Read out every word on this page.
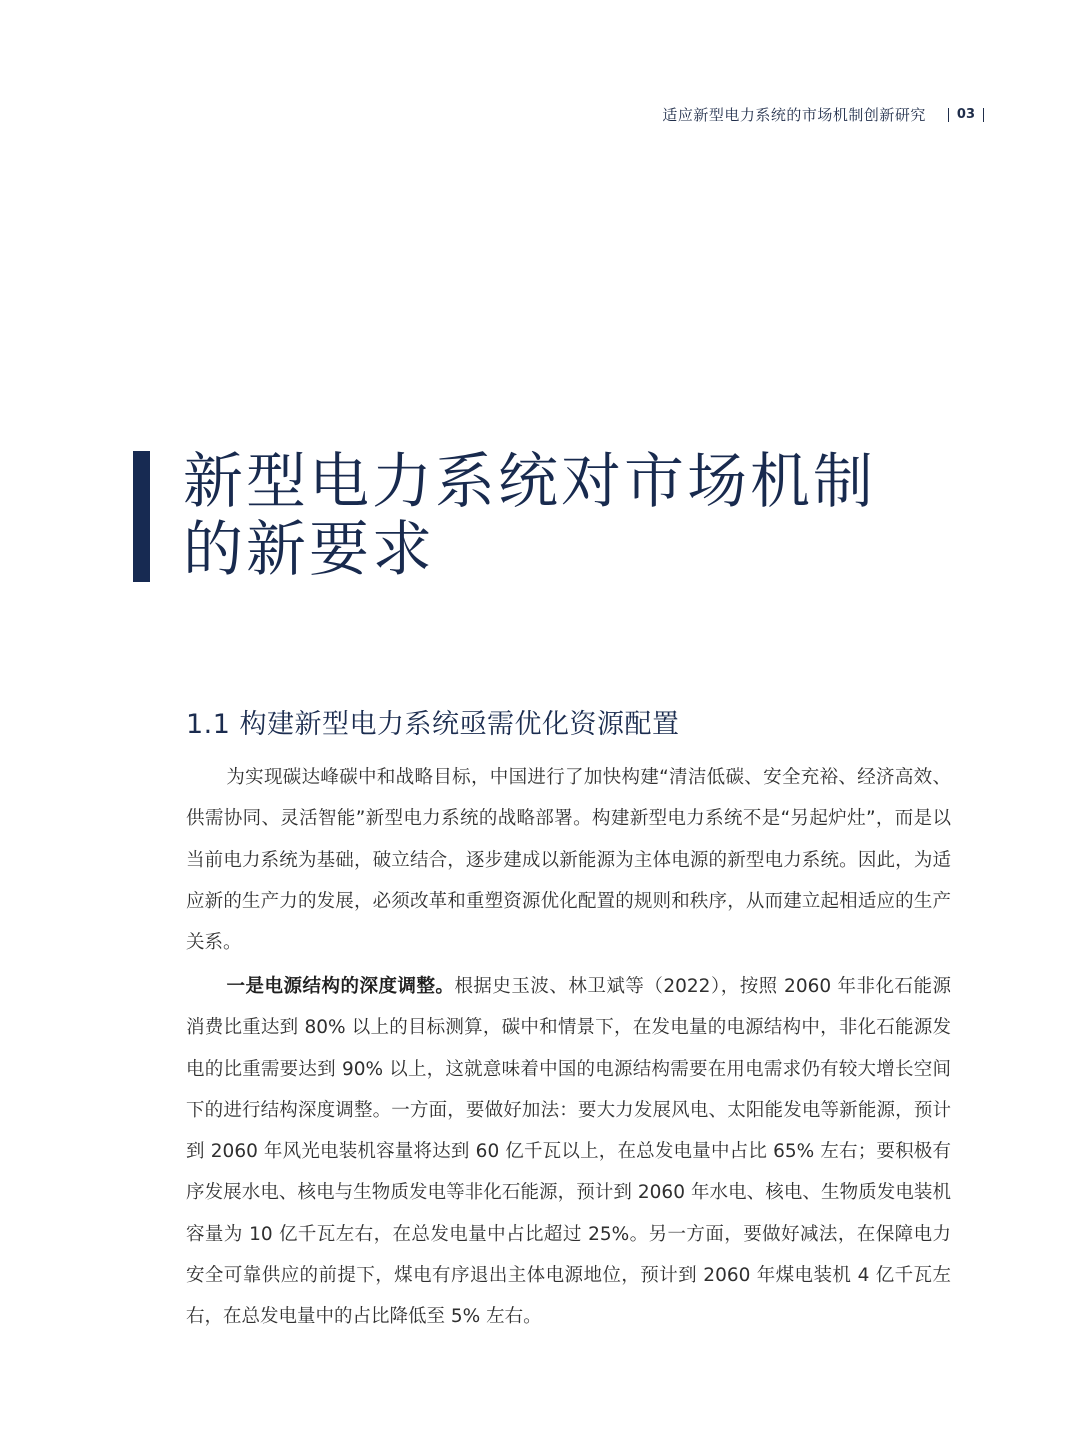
适应新型电力系统的市场机制创新研究 03
新型电力系统对市场机制
的新要求
1.1 构建新型电力系统亟需优化资源配置

为实现碳达峰碳中和战略目标，中国进行了加快构建“清洁低碳、安全充裕、经济高效、供需协同、灵活智能”新型电力系统的战略部署。构建新型电力系统不是“另起炉灶”，而是以当前电力系统为基础，破立结合，逐步建成以新能源为主体电源的新型电力系统。因此，为适应新的生产力的发展，必须改革和重塑资源优化配置的规则和秩序，从而建立起相适应的生产关系。

一是电源结构的深度调整。根据史玉波、林卫斌等（2022），按照 2060 年非化石能源消费比重达到 80% 以上的目标测算，碳中和情景下，在发电量的电源结构中，非化石能源发电的比重需要达到 90% 以上，这就意味着中国的电源结构需要在用电需求仍有较大增长空间下的进行结构深度调整。一方面，要做好加法：要大力发展风电、太阳能发电等新能源，预计到 2060 年风光电装机容量将达到 60 亿千瓦以上，在总发电量中占比 65% 左右；要积极有序发展水电、核电与生物质发电等非化石能源，预计到 2060 年水电、核电、生物质发电装机容量为 10 亿千瓦左右，在总发电量中占比超过 25%。另一方面，要做好减法，在保障电力安全可靠供应的前提下，煤电有序退出主体电源地位，预计到 2060 年煤电装机 4 亿千瓦左右，在总发电量中的占比降低至 5% 左右。
